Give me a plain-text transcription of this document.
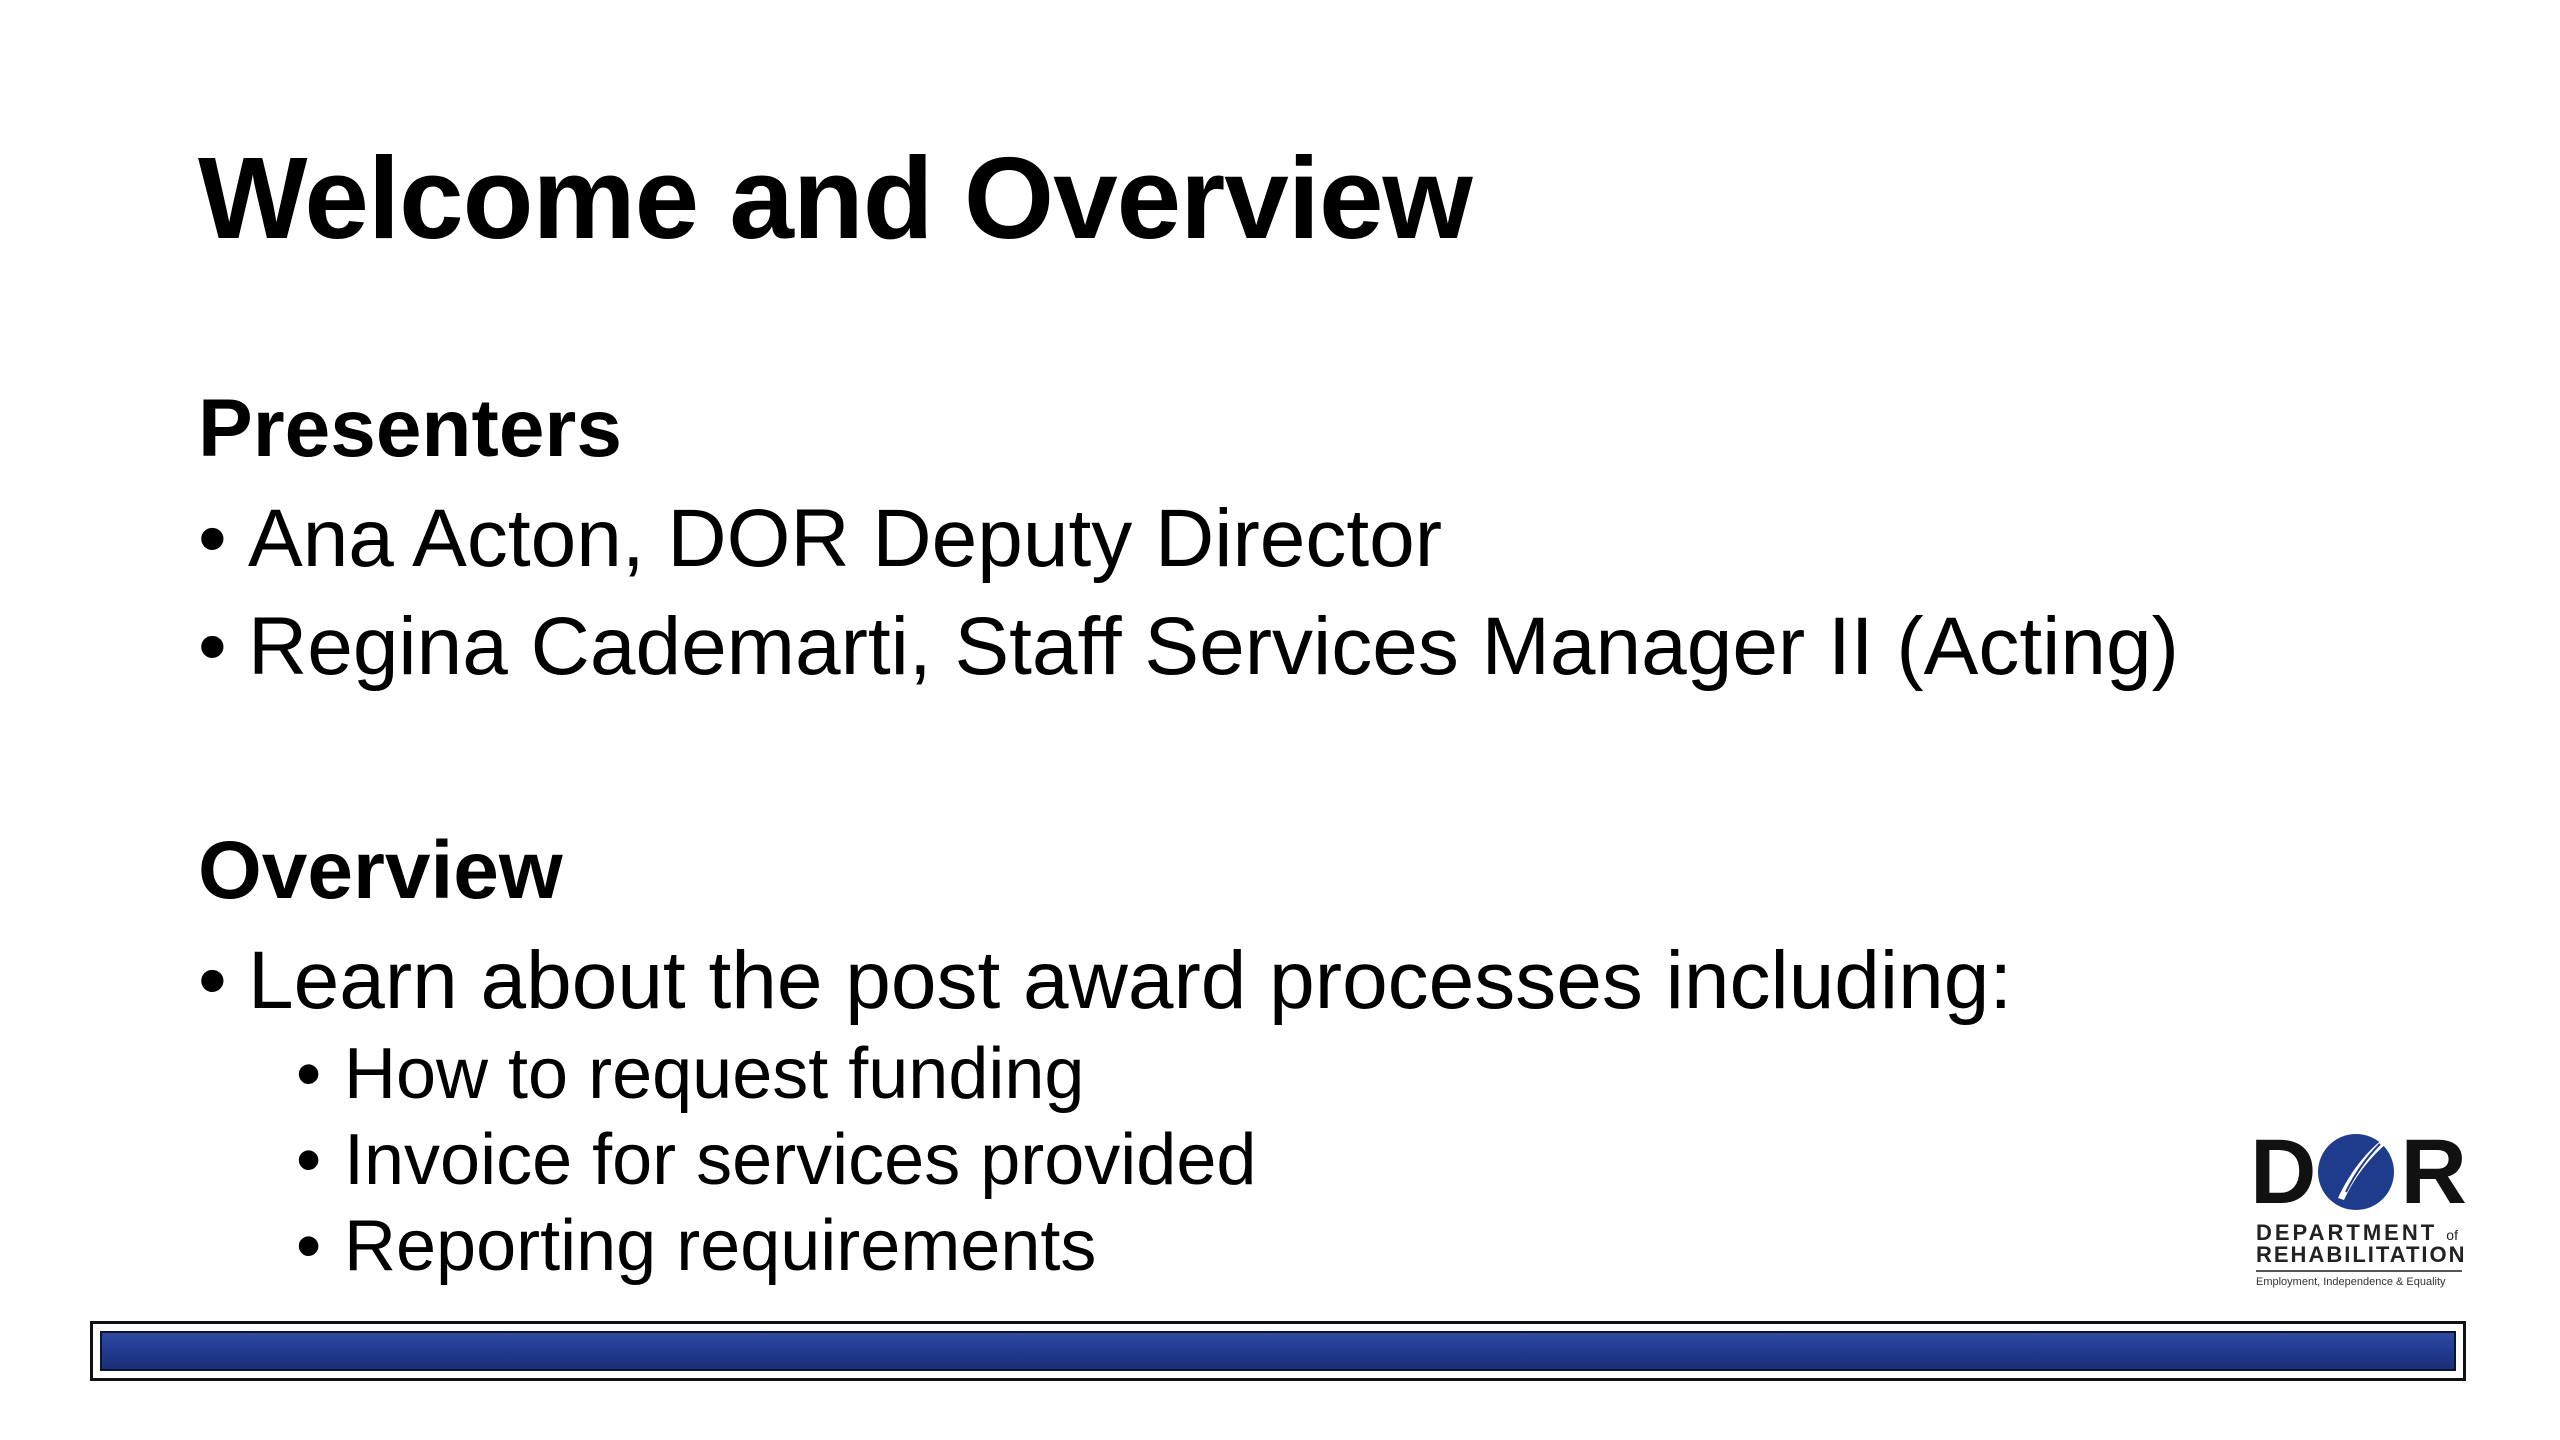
Welcome and Overview
Presenters
• Ana Acton, DOR Deputy Director
• Regina Cademarti, Staff Services Manager II (Acting)
Overview
• Learn about the post award processes including:
• How to request funding
• Invoice for services provided
• Reporting requirements
D R
DEPARTMENT of
REHABILITATION
Employment, Independence & Equality
